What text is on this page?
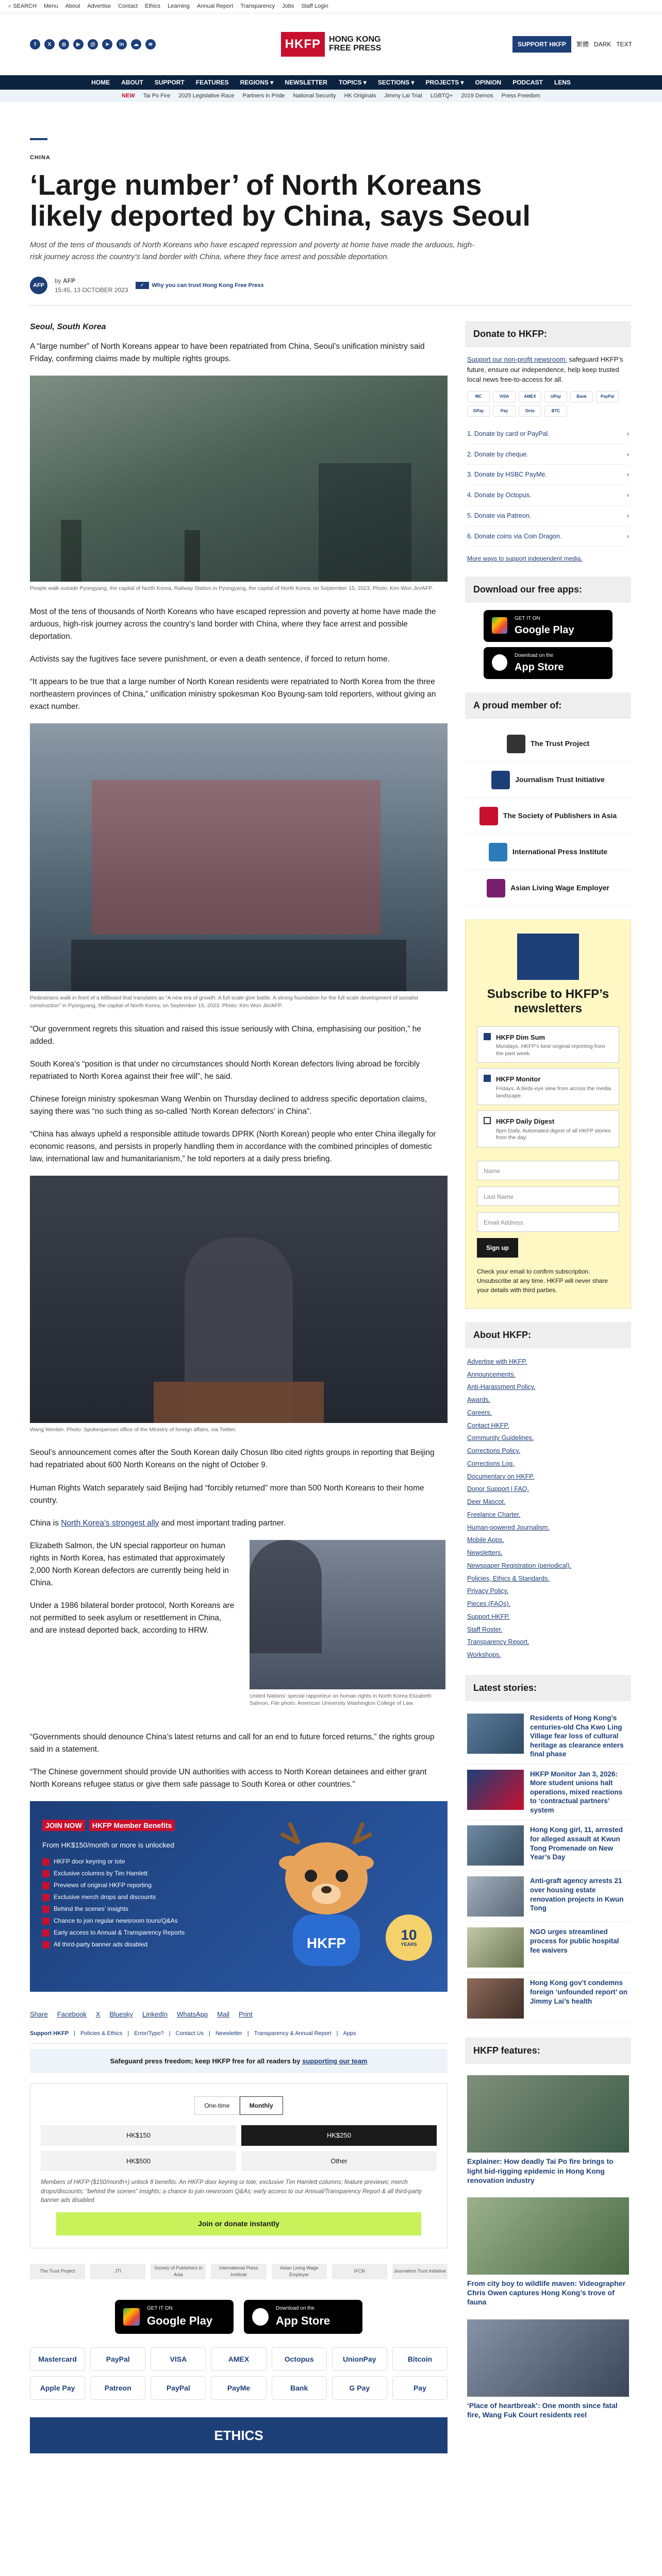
⌕ SEARCH Menu About Advertise Contact Ethics Learning Annual Report Transparency Jobs Staff Login
f	X	◎	▶	@	➤	in	☁	≋	HKFP	HONG KONG
FREE PRESS	SUPPORT HKFP	繁體 DARK TEXT
HOME ABOUT SUPPORT FEATURES REGIONS ▾ NEWSLETTER TOPICS ▾ SECTIONS ▾ PROJECTS ▾ OPINION PODCAST LENS
NEW Tai Po Fire 2025 Legislative Race Partners in Pride National Security HK Originals Jimmy Lai Trial LGBTQ+ 2019 Demos Press Freedom
CHINA
‘Large number’ of North Koreans likely deported by China, says Seoul
Most of the tens of thousands of North Koreans who have escaped repression and poverty at home have made the arduous, high-risk journey across the country’s land border with China, where they face arrest and possible deportation.
AFP
by AFP
15:45, 13 OCTOBER 2023
✓	Why you can trust Hong Kong Free Press
Seoul, South Korea

A “large number” of North Koreans appear to have been repatriated from China, Seoul’s unification ministry said Friday, confirming claims made by multiple rights groups.

People walk outside Pyongyang, the capital of North Korea, Railway Station in Pyongyang, the capital of North Korea, on September 15, 2023. Photo: Kim Won Jin/AFP.

Most of the tens of thousands of North Koreans who have escaped repression and poverty at home have made the arduous, high-risk journey across the country’s land border with China, where they face arrest and possible deportation.

Activists say the fugitives face severe punishment, or even a death sentence, if forced to return home.

“It appears to be true that a large number of North Korean residents were repatriated to North Korea from the three northeastern provinces of China,” unification ministry spokesman Koo Byoung-sam told reporters, without giving an exact number.

Pedestrians walk in front of a billboard that translates as “A new era of growth. A full scale give battle. A strong foundation for the full scale development of socialist construction” in Pyongyang, the capital of North Korea, on September 15, 2023. Photo: Kim Won Jin/AFP.

“Our government regrets this situation and raised this issue seriously with China, emphasising our position,” he added.

South Korea’s “position is that under no circumstances should North Korean defectors living abroad be forcibly repatriated to North Korea against their free will”, he said.

Chinese foreign ministry spokesman Wang Wenbin on Thursday declined to address specific deportation claims, saying there was “no such thing as so-called ‘North Korean defectors’ in China”.

“China has always upheld a responsible attitude towards DPRK (North Korean) people who enter China illegally for economic reasons, and persists in properly handling them in accordance with the combined principles of domestic law, international law and humanitarianism,” he told reporters at a daily press briefing.

Wang Wenbin. Photo: Spokesperson office of the Ministry of foreign affairs, via Twitter.

Seoul’s announcement comes after the South Korean daily Chosun Ilbo cited rights groups in reporting that Beijing had repatriated about 600 North Koreans on the night of October 9.

Human Rights Watch separately said Beijing had “forcibly returned” more than 500 North Koreans to their home country.

China is North Korea’s strongest ally and most important trading partner.

Elizabeth Salmon, the UN special rapporteur on human rights in North Korea, has estimated that approximately 2,000 North Korean defectors are currently being held in China.

Under a 1986 bilateral border protocol, North Koreans are not permitted to seek asylum or resettlement in China, and are instead deported back, according to HRW.

United Nations’ special rapporteur on human rights in North Korea Elizabeth Salmon. File photo: American University Washington College of Law.

“Governments should denounce China’s latest returns and call for an end to future forced returns,” the rights group said in a statement.

“The Chinese government should provide UN authorities with access to North Korean detainees and either grant North Koreans refugee status or give them safe passage to South Korea or other countries.”

JOIN NOW HKFP Member Benefits
From HK$150/month or more is unlocked
HKFP door keyring or tote
Exclusive columns by Tim Hamlett
Previews of original HKFP reporting
Exclusive merch drops and discounts
Behind the scenes’ insights
Chance to join regular newsroom tours/Q&As
Early access to Annual & Transparency Reports
All third-party banner ads disabled	HKFP	10
YEARS
Share Facebook X Bluesky LinkedIn WhatsApp Mail Print
Support HKFP | Policies & Ethics | Error/Typo? | Contact Us | Newsletter | Transparency & Annual Report | Apps
Safeguard press freedom; keep HKFP free for all readers by supporting our team
One-time	Monthly
HK$150	HK$250
HK$500	Other
Members of HKFP ($150/month+) unlock 8 benefits: An HKFP door keyring or tote; exclusive Tim Hamlett columns; feature previews; merch drops/discounts; “behind the scenes” insights; a chance to join newsroom Q&As; early access to our Annual/Transparency Report & all third-party banner ads disabled.
Join or donate instantly
The Trust Project	JTI
Society of Publishers in Asia
International Press Institute
Asian Living Wage Employer
IFCN	Journalism Trust Initiative
GET IT ON
Google Play
Download on the
App Store
Mastercard	PayPal	VISA	AMEX	Octopus	UnionPay	Bitcoin
Apple Pay	Patreon	PayPal	PayMe	Bank	G Pay	Pay
ETHICS
Donate to HKFP:

Support our non-profit newsroom: safeguard HKFP’s future, ensure our independence, help keep trusted local news free-to-access for all.

MC	VISA	AMEX	UPay	Bank	PayPal
GPay	Pay	Octo	BTC
1. Donate by card or PayPal.	›
2. Donate by cheque.	›
3. Donate by HSBC PayMe.	›
4. Donate by Octopus.	›
5. Donate via Patreon.	›
6. Donate coins via Coin Dragon.	›
More ways to support independent media.
Download our free apps:
GET IT ON
Google Play
Download on the
App Store
A proud member of:
The Trust Project
Journalism Trust Initiative
The Society of Publishers in Asia
International Press Institute
Asian Living Wage Employer
Subscribe to HKFP’s newsletters
HKFP Dim Sum
Mondays. HKFP’s best original reporting from the past week.
HKFP Monitor
Fridays. A birds-eye view from across the media landscape.
HKFP Daily Digest
8pm Daily. Automated digest of all HKFP stories from the day.
Name
Last Name
Email Address
Sign up
Check your email to confirm subscription. Unsubscribe at any time. HKFP will never share your details with third parties.
About HKFP:
Advertise with HKFP.
Announcements.
Anti-Harassment Policy.
Awards.
Careers.
Contact HKFP.
Community Guidelines.
Corrections Policy.
Corrections Log.
Documentary on HKFP.
Donor Support | FAQ.
Deer Mascot.
Freelance Charter.
Human-powered Journalism.
Mobile Apps.
Newsletters.
Newspaper Registration (periodical).
Policies, Ethics & Standards.
Privacy Policy.
Pieces (FAQs).
Support HKFP.
Staff Roster.
Transparency Report.
Workshops.
Latest stories:
Residents of Hong Kong’s centuries-old Cha Kwo Ling Village fear loss of cultural heritage as clearance enters final phase
HKFP Monitor Jan 3, 2026: More student unions halt operations, mixed reactions to ‘contractual partners’ system
Hong Kong girl, 11, arrested for alleged assault at Kwun Tong Promenade on New Year’s Day
Anti-graft agency arrests 21 over housing estate renovation projects in Kwun Tong
NGO urges streamlined process for public hospital fee waivers
Hong Kong gov’t condemns foreign ‘unfounded report’ on Jimmy Lai’s health
HKFP features:
Explainer: How deadly Tai Po fire brings to light bid-rigging epidemic in Hong Kong renovation industry
From city boy to wildlife maven: Videographer Chris Owen captures Hong Kong’s trove of fauna
‘Place of heartbreak’: One month since fatal fire, Wang Fuk Court residents reel
